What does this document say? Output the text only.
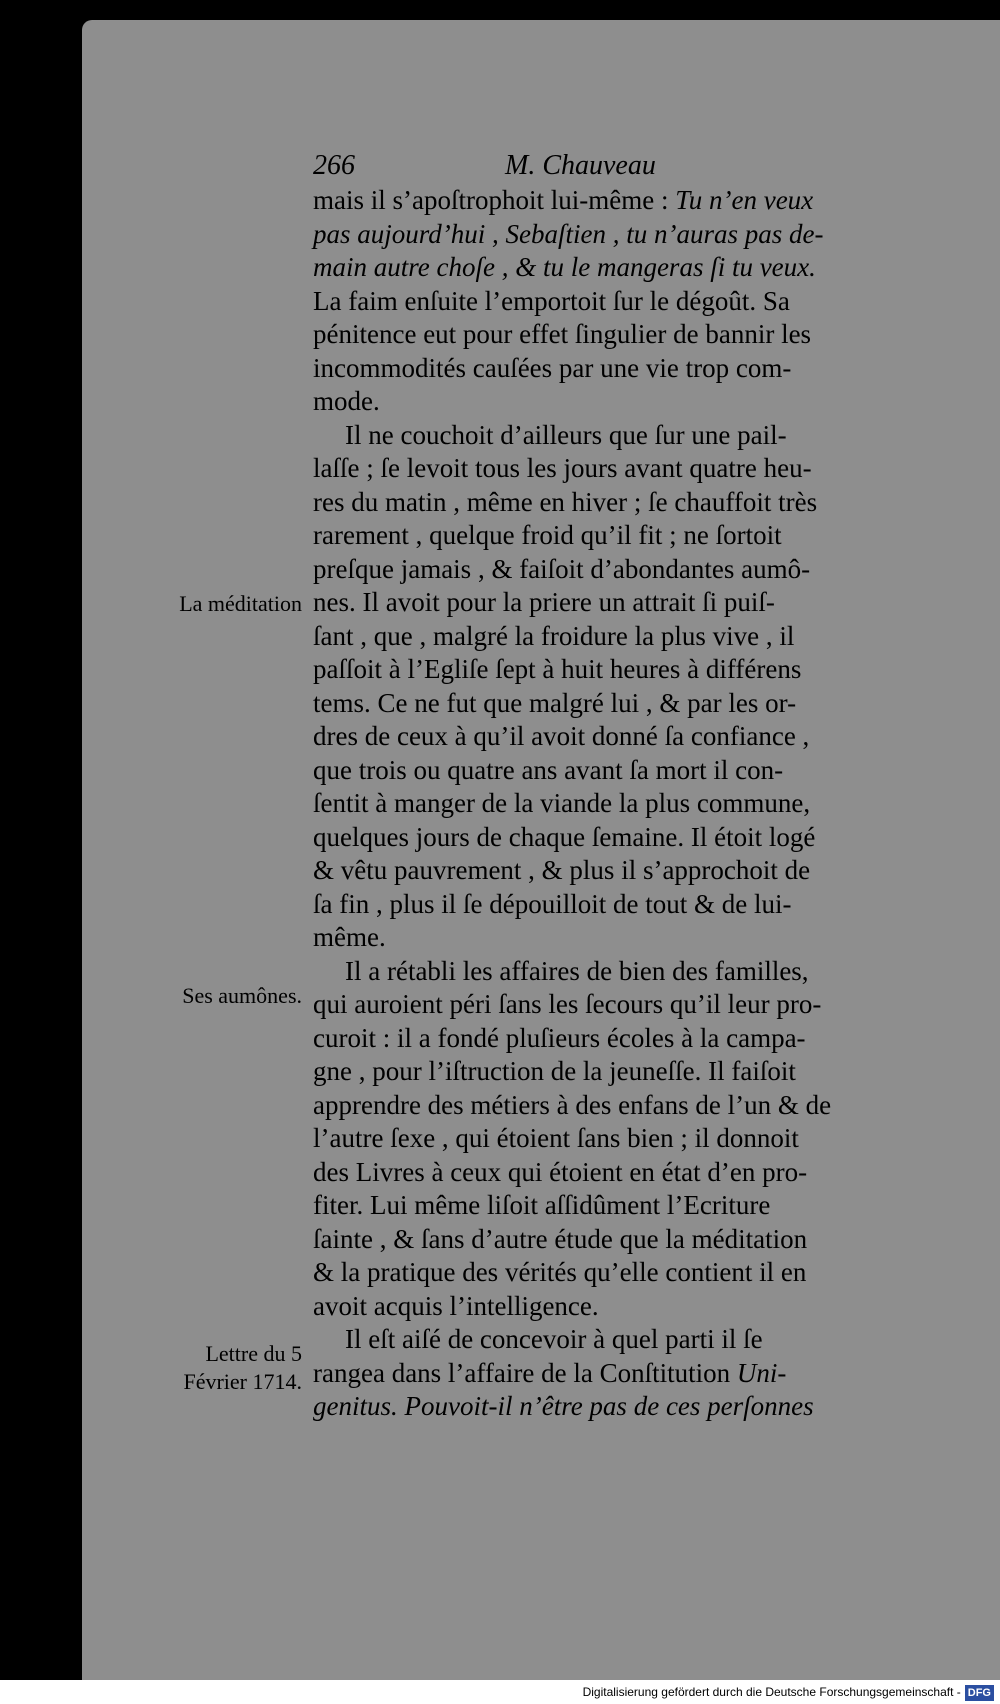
266	M. Chauveau
mais il s’apoſtrophoit lui-même : Tu n’en veux
pas aujourd’hui , Sebaſtien , tu n’auras pas de-
main autre choſe , & tu le mangeras ſi tu veux.
La faim enſuite l’emportoit ſur le dégoût. Sa
pénitence eut pour effet ſingulier de bannir les
incommodités cauſées par une vie trop com-
mode.
Il ne couchoit d’ailleurs que ſur une pail-
laſſe ; ſe levoit tous les jours avant quatre heu-
res du matin , même en hiver ; ſe chauffoit très
rarement , quelque froid qu’il fit ; ne ſortoit
preſque jamais , & faiſoit d’abondantes aumô-
nes. Il avoit pour la priere un attrait ſi puiſ-
ſant , que , malgré la froidure la plus vive , il
paſſoit à l’Egliſe ſept à huit heures à différens
tems. Ce ne fut que malgré lui , & par les or-
dres de ceux à qu’il avoit donné ſa confiance ,
que trois ou quatre ans avant ſa mort il con-
ſentit à manger de la viande la plus commune,
quelques jours de chaque ſemaine. Il étoit logé
& vêtu pauvrement , & plus il s’approchoit de
ſa fin , plus il ſe dépouilloit de tout & de lui-
même.
Il a rétabli les affaires de bien des familles,
qui auroient péri ſans les ſecours qu’il leur pro-
curoit : il a fondé pluſieurs écoles à la campa-
gne , pour l’iſtruction de la jeuneſſe. Il faiſoit
apprendre des métiers à des enfans de l’un & de
l’autre ſexe , qui étoient ſans bien ; il donnoit
des Livres à ceux qui étoient en état d’en pro-
fiter. Lui même liſoit aſſidûment l’Ecriture
ſainte , & ſans d’autre étude que la méditation
& la pratique des vérités qu’elle contient il en
avoit acquis l’intelligence.
Il eſt aiſé de concevoir à quel parti il ſe
rangea dans l’affaire de la Conſtitution Uni-
genitus. Pouvoit-il n’être pas de ces perſonnes
La méditation
Ses aumônes.
Lettre du 5
Février 1714.
Digitalisierung gefördert durch die Deutsche Forschungsgemeinschaft - DFG
